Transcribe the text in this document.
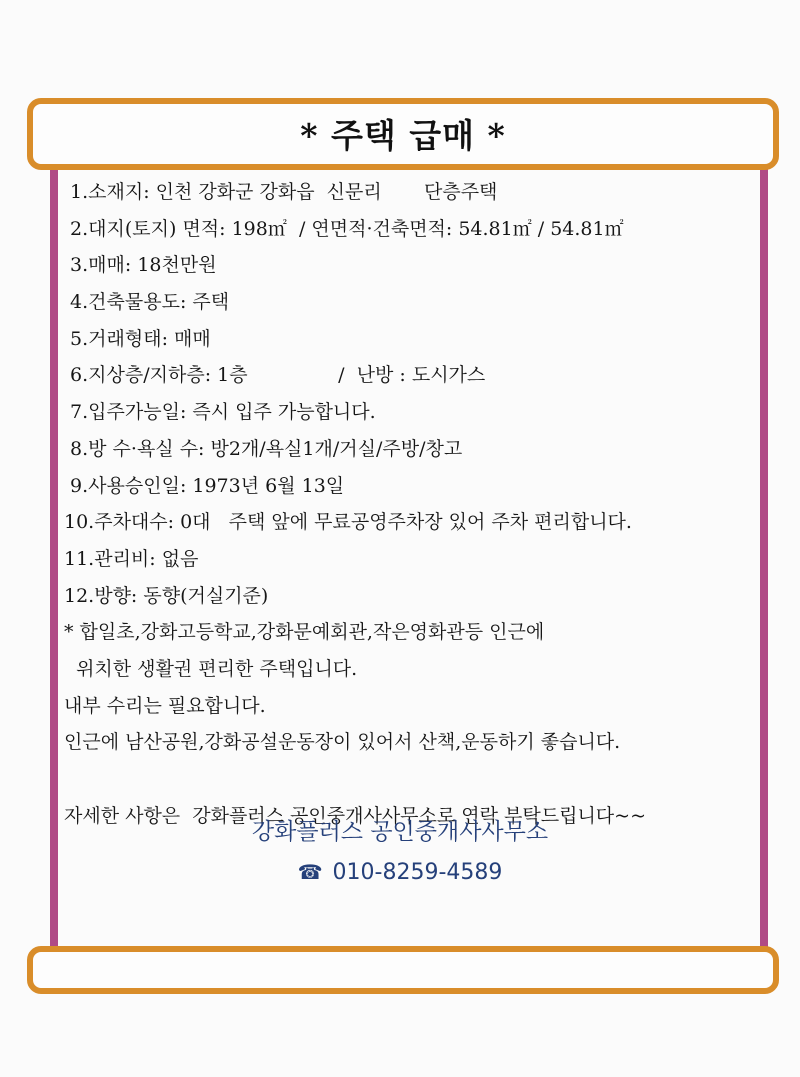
* 주택 급매 *
1.소재지: 인천 강화군 강화읍  신문리       단층주택
2.대지(토지) 면적: 198㎡  / 연면적·건축면적: 54.81㎡ / 54.81㎡
3.매매: 18천만원
4.건축물용도: 주택
5.거래형태: 매매
6.지상층/지하층: 1층               /  난방 : 도시가스
7.입주가능일: 즉시 입주 가능합니다.
8.방 수·욕실 수: 방2개/욕실1개/거실/주방/창고
9.사용승인일: 1973년 6월 13일
10.주차대수: 0대   주택 앞에 무료공영주차장 있어 주차 편리합니다.
11.관리비: 없음
12.방향: 동향(거실기준)
* 합일초,강화고등학교,강화문예회관,작은영화관등 인근에
위치한 생활권 편리한 주택입니다.
내부 수리는 필요합니다.
인근에 남산공원,강화공설운동장이 있어서 산책,운동하기 좋습니다.
자세한 사항은  강화플러스 공인중개사사무소로 연락 부탁드립니다~~
강화플러스 공인중개사사무소
☎ 010-8259-4589
